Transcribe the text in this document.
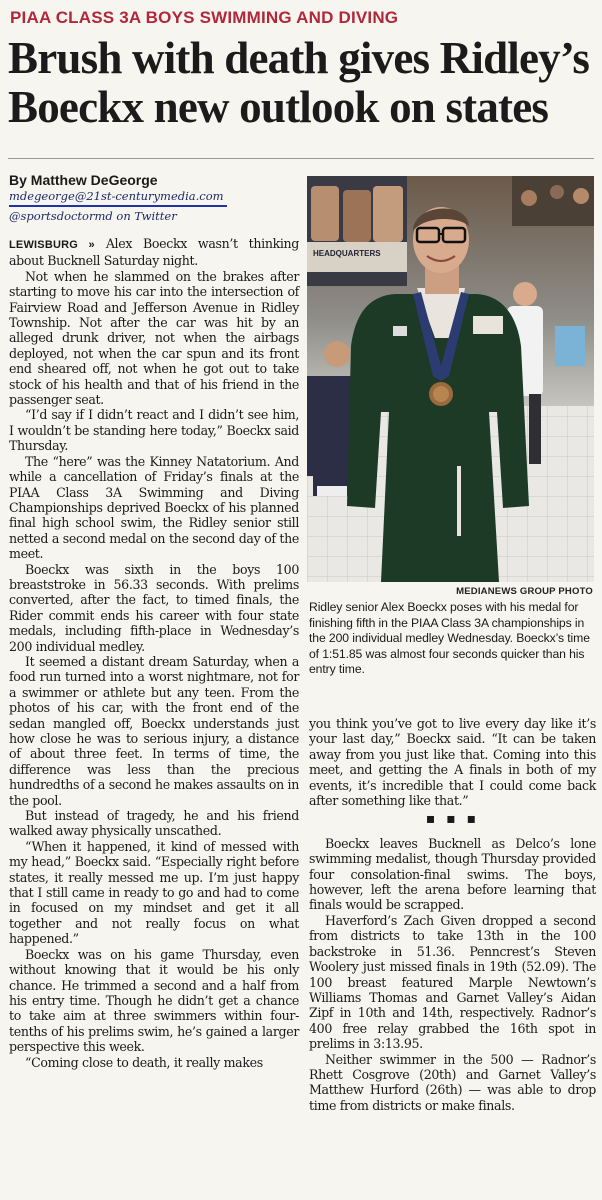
PIAA CLASS 3A BOYS SWIMMING AND DIVING
Brush with death gives Ridley’s Boeckx new outlook on states
By Matthew DeGeorge
mdegeorge@21st-centurymedia.com
@sportsdoctormd on Twitter
HEADQUARTERS
MEDIANEWS GROUP PHOTO
Ridley senior Alex Boeckx poses with his medal for finishing fifth in the PIAA Class 3A championships in the 200 individual medley Wednesday. Boeckx’s time of 1:51.85 was almost four seconds quicker than his entry time.

LEWISBURG » Alex Boeckx wasn’t thinking about Bucknell Saturday night.

Not when he slammed on the brakes after starting to move his car into the intersection of Fairview Road and Jefferson Avenue in Ridley Township. Not after the car was hit by an alleged drunk driver, not when the airbags deployed, not when the car spun and its front end sheared off, not when he got out to take stock of his health and that of his friend in the passenger seat.

“I’d say if I didn’t react and I didn’t see him, I wouldn’t be standing here today,” Boeckx said Thursday.

The “here” was the Kinney Natatorium. And while a cancellation of Friday’s finals at the PIAA Class 3A Swimming and Diving Championships deprived Boeckx of his planned final high school swim, the Ridley senior still netted a second medal on the second day of the meet.

Boeckx was sixth in the boys 100 breaststroke in 56.33 seconds. With prelims converted, after the fact, to timed finals, the Rider commit ends his career with four state medals, including fifth-place in Wednesday’s 200 individual medley.

It seemed a distant dream Saturday, when a food run turned into a worst nightmare, not for a swimmer or athlete but any teen. From the photos of his car, with the front end of the sedan mangled off, Boeckx understands just how close he was to serious injury, a distance of about three feet. In terms of time, the difference was less than the precious hundredths of a second he makes assaults on in the pool.

But instead of tragedy, he and his friend walked away physically unscathed.

“When it happened, it kind of messed with my head,” Boeckx said. “Especially right before states, it really messed me up. I’m just happy that I still came in ready to go and had to come in focused on my mindset and get it all together and not really focus on what happened.”

Boeckx was on his game Thursday, even without knowing that it would be his only chance. He trimmed a second and a half from his entry time. Though he didn’t get a chance to take aim at three swimmers within four-tenths of his prelims swim, he’s gained a larger perspective this week.

“Coming close to death, it really makes

you think you’ve got to live every day like it’s your last day,” Boeckx said. “It can be taken away from you just like that. Coming into this meet, and getting the A finals in both of my events, it’s incredible that I could come back after something like that.”

▪ ▪ ▪

Boeckx leaves Bucknell as Delco’s lone swimming medalist, though Thursday provided four consolation-final swims. The boys, however, left the arena before learning that finals would be scrapped.

Haverford’s Zach Given dropped a second from districts to take 13th in the 100 backstroke in 51.36. Penncrest’s Steven Woolery just missed finals in 19th (52.09). The 100 breast featured Marple Newtown’s Williams Thomas and Garnet Valley’s Aidan Zipf in 10th and 14th, respectively. Radnor’s 400 free relay grabbed the 16th spot in prelims in 3:13.95.

Neither swimmer in the 500 — Radnor’s Rhett Cosgrove (20th) and Garnet Valley’s Matthew Hurford (26th) — was able to drop time from districts or make finals.
